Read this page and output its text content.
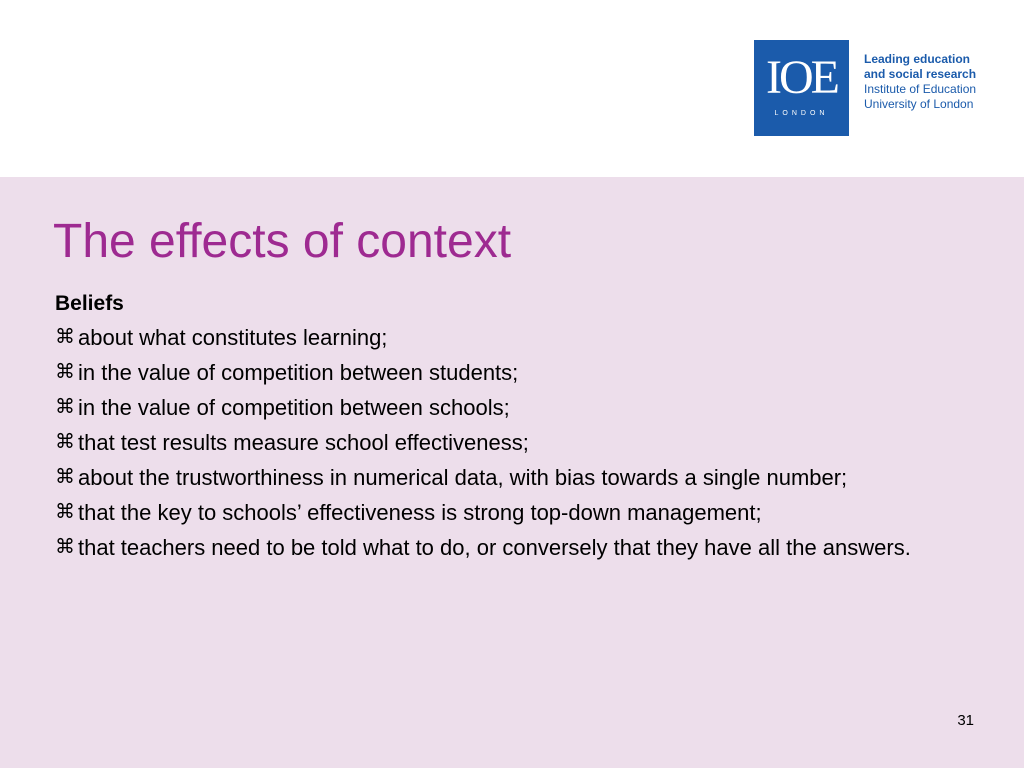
IOE
LONDON
Leading education
and social research
Institute of Education
University of London
The effects of context
Beliefs
⌘ about what constitutes learning;
⌘ in the value of competition between students;
⌘ in the value of competition between schools;
⌘ that test results measure school effectiveness;
⌘ about the trustworthiness in numerical data, with bias towards a single number;
⌘ that the key to schools’ effectiveness is strong top-down management;
⌘ that teachers need to be told what to do, or conversely that they have all the answers.
31
